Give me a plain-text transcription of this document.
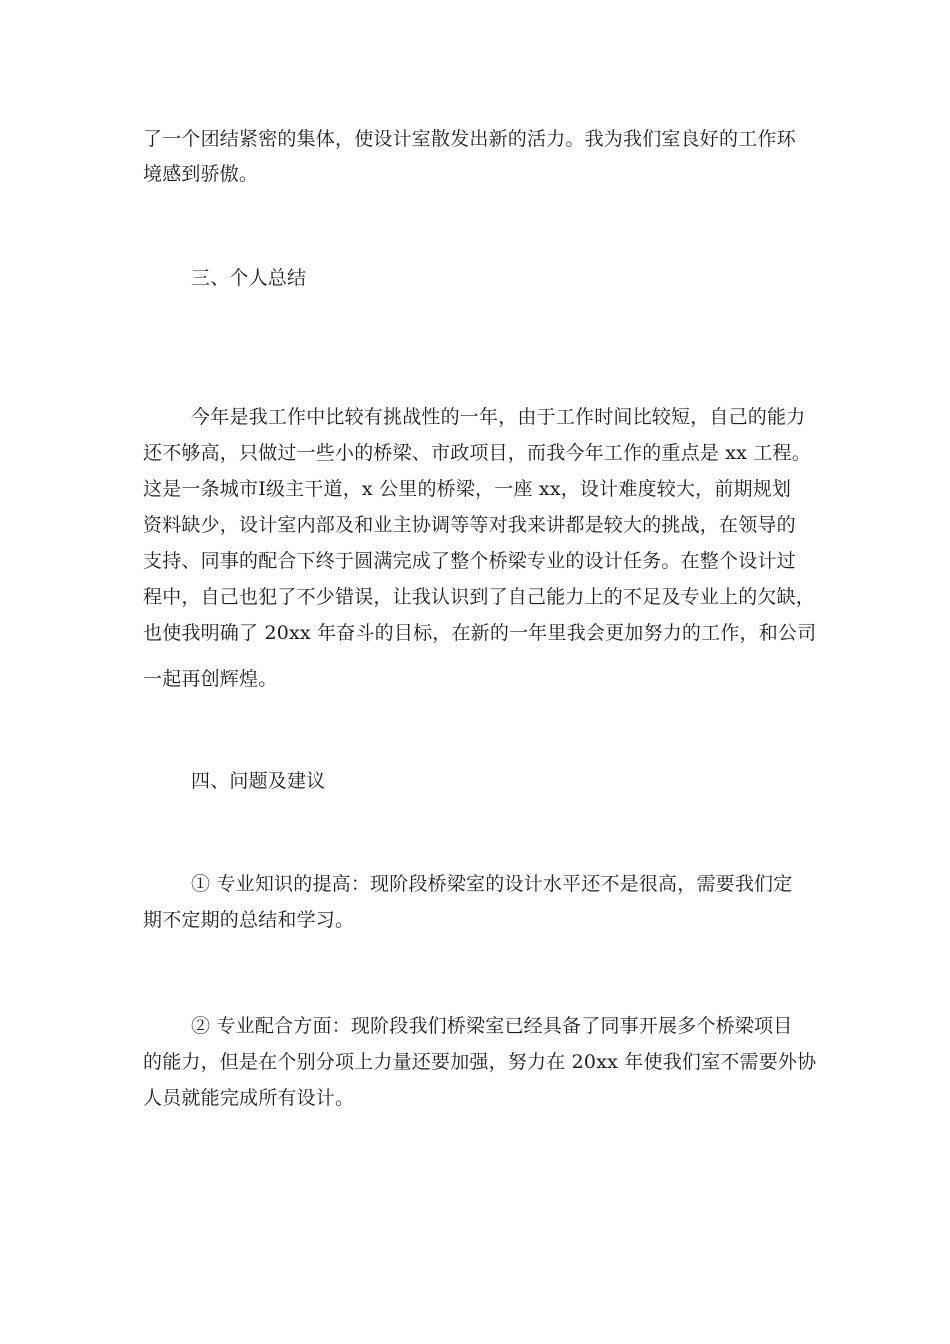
了一个团结紧密的集体，使设计室散发出新的活力。我为我们室良好的工作环
境感到骄傲。
三、个人总结
今年是我工作中比较有挑战性的一年，由于工作时间比较短，自己的能力
还不够高，只做过一些小的桥梁、市政项目，而我今年工作的重点是 xx 工程。
这是一条城市Ⅰ级主干道，x 公里的桥梁，一座 xx，设计难度较大，前期规划
资料缺少，设计室内部及和业主协调等等对我来讲都是较大的挑战，在领导的
支持、同事的配合下终于圆满完成了整个桥梁专业的设计任务。在整个设计过
程中，自己也犯了不少错误，让我认识到了自己能力上的不足及专业上的欠缺，
也使我明确了 20xx 年奋斗的目标，在新的一年里我会更加努力的工作，和公司
一起再创辉煌。
四、问题及建议
① 专业知识的提高：现阶段桥梁室的设计水平还不是很高，需要我们定
期不定期的总结和学习。
② 专业配合方面：现阶段我们桥梁室已经具备了同事开展多个桥梁项目
的能力，但是在个别分项上力量还要加强，努力在 20xx 年使我们室不需要外协
人员就能完成所有设计。
